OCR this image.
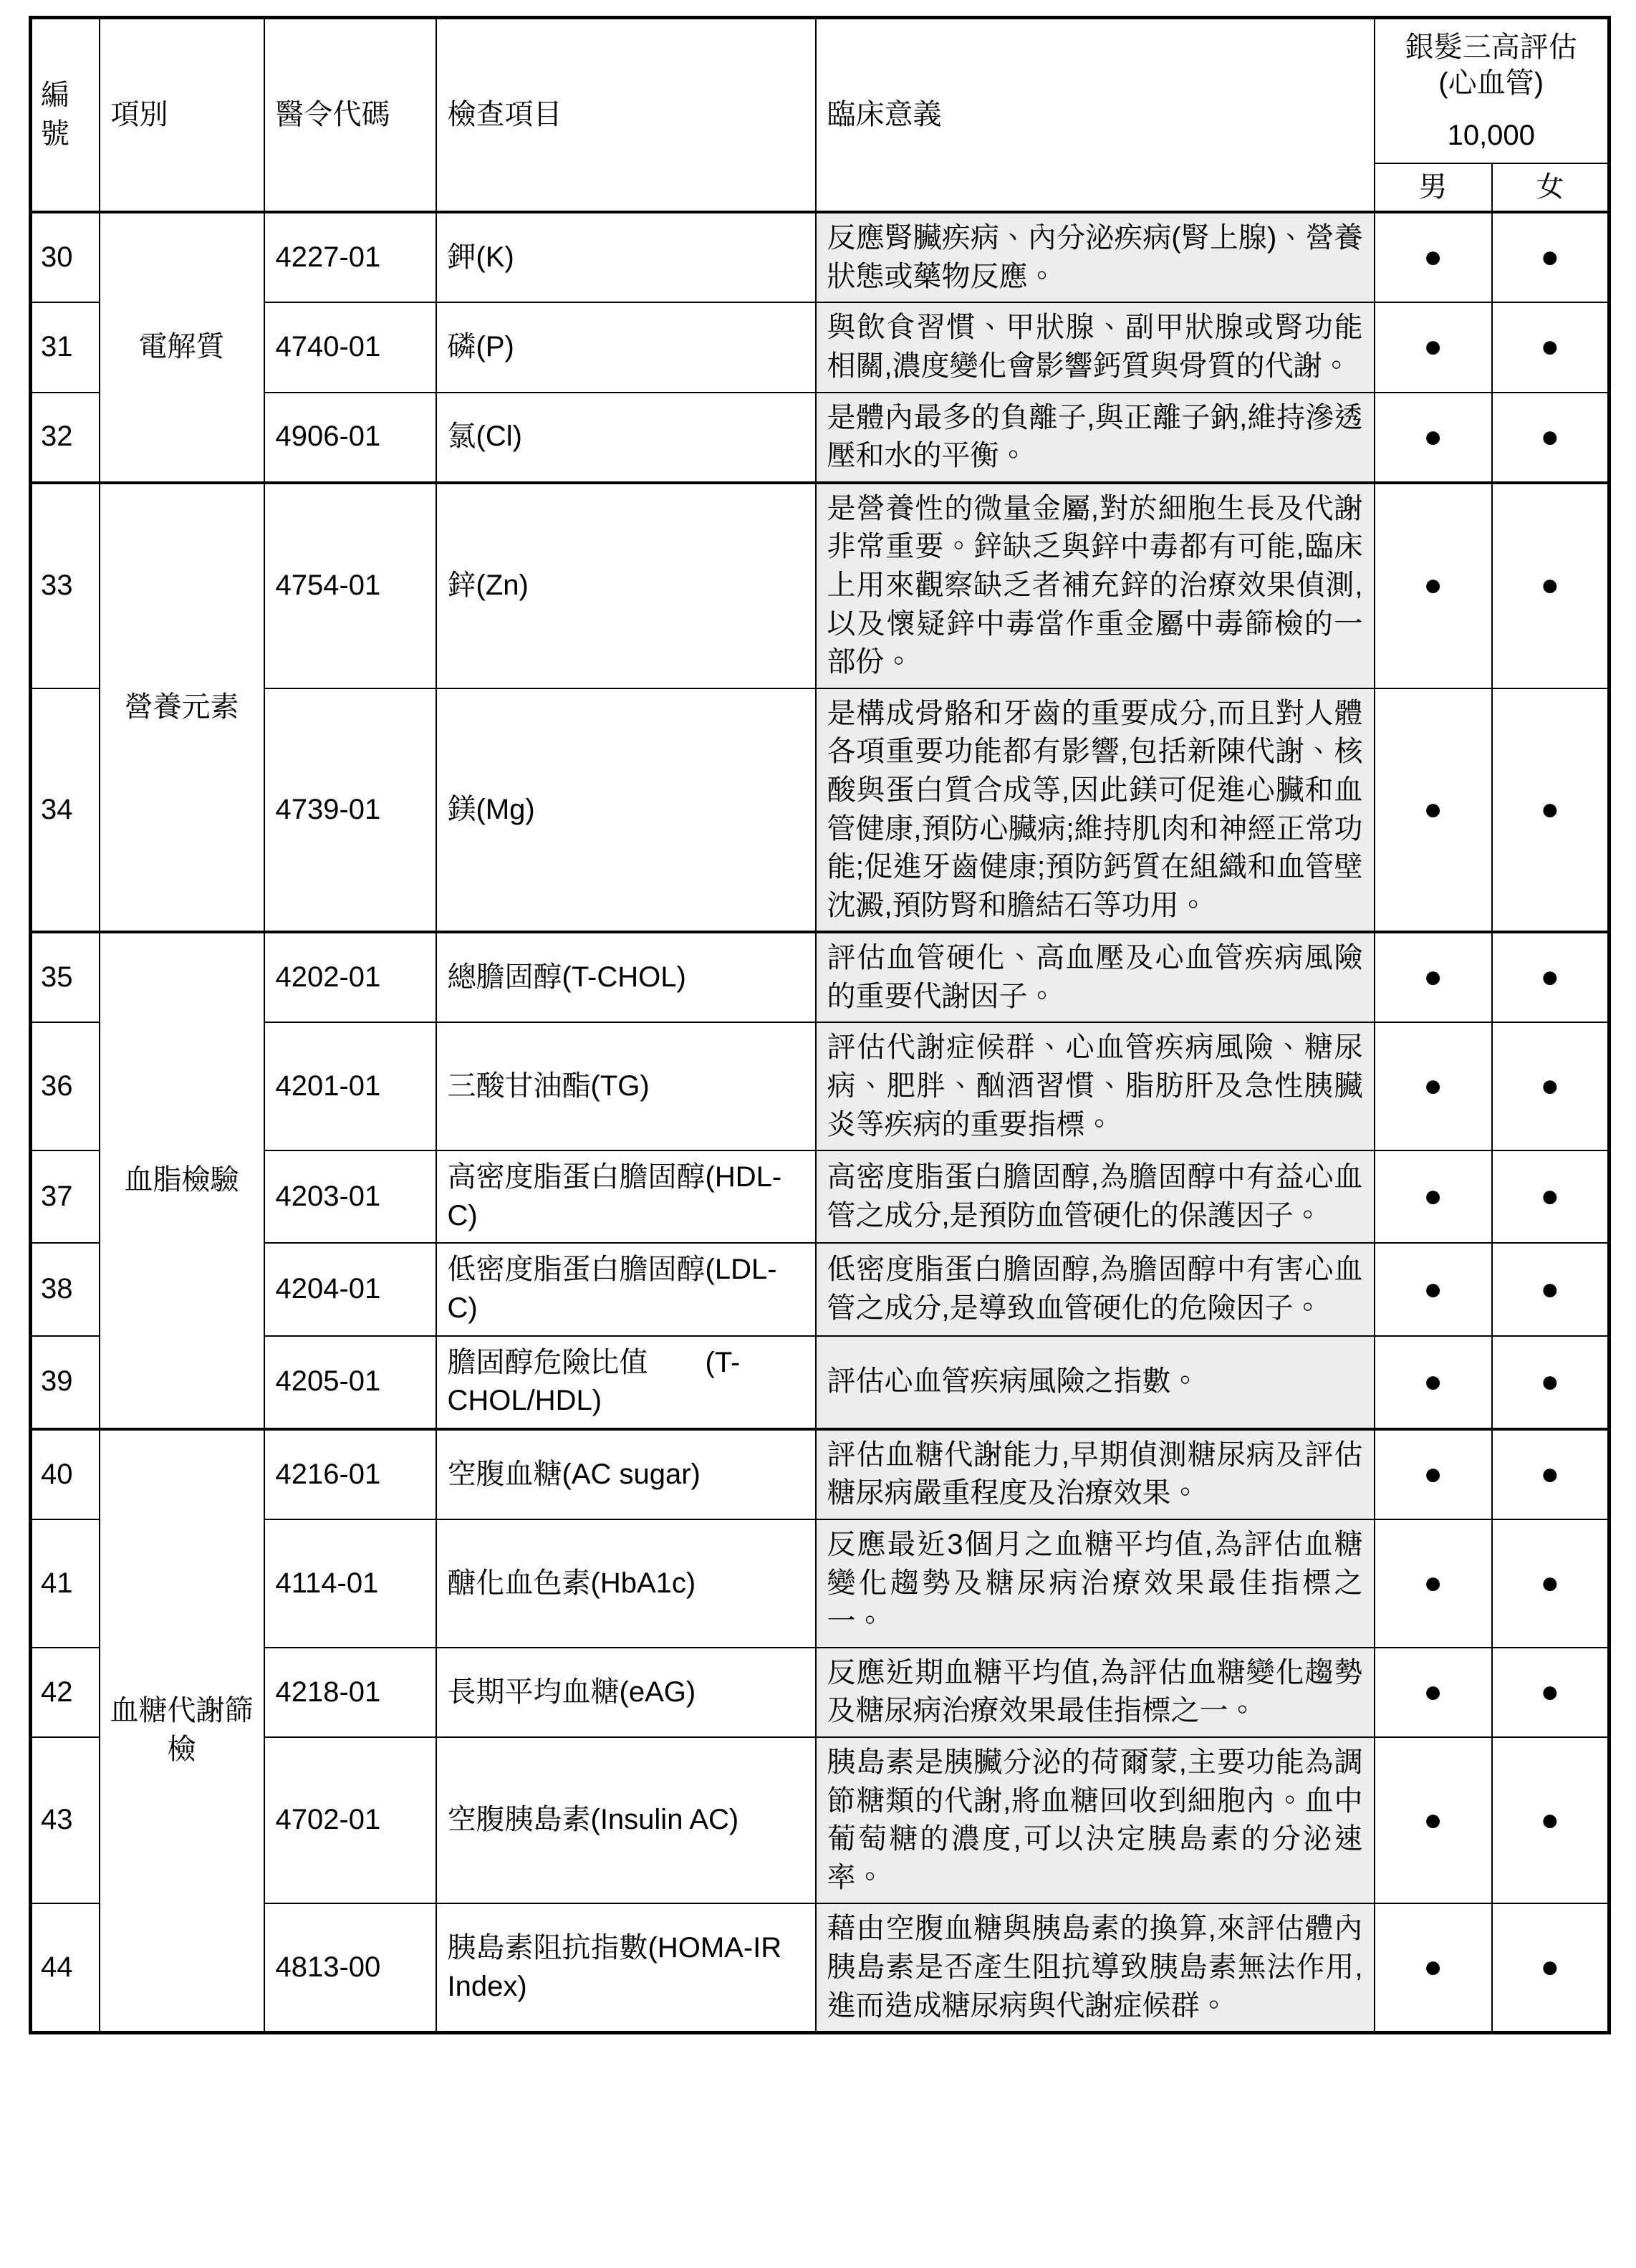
編號	項別	醫令代碼	檢查項目	臨床意義	銀髮三高評估
(心血管)
10,000	

					男	女
30	電解質	4227-01	鉀(K)	反應腎臟疾病、內分泌疾病(腎上腺)、營養狀態或藥物反應。	●	●
31		4740-01	磷(P)	與飲食習慣、甲狀腺、副甲狀腺或腎功能相關,濃度變化會影響鈣質與骨質的代謝。	●	●
32		4906-01	氯(Cl)	是體內最多的負離子,與正離子鈉,維持滲透壓和水的平衡。	●	●
33	營養元素	4754-01	鋅(Zn)	是營養性的微量金屬,對於細胞生長及代謝非常重要。鋅缺乏與鋅中毒都有可能,臨床上用來觀察缺乏者補充鋅的治療效果偵測,以及懷疑鋅中毒當作重金屬中毒篩檢的一部份。	●	●
34		4739-01	鎂(Mg)	是構成骨骼和牙齒的重要成分,而且對人體各項重要功能都有影響,包括新陳代謝、核酸與蛋白質合成等,因此鎂可促進心臟和血管健康,預防心臟病;維持肌肉和神經正常功能;促進牙齒健康;預防鈣質在組織和血管壁沈澱,預防腎和膽結石等功用。	●	●
35	血脂檢驗	4202-01	總膽固醇(T-CHOL)	評估血管硬化、高血壓及心血管疾病風險的重要代謝因子。	●	●
36		4201-01	三酸甘油酯(TG)	評估代謝症候群、心血管疾病風險、糖尿病、肥胖、酗酒習慣、脂肪肝及急性胰臟炎等疾病的重要指標。	●	●
37		4203-01	高密度脂蛋白膽固醇(HDL-C)	高密度脂蛋白膽固醇,為膽固醇中有益心血管之成分,是預防血管硬化的保護因子。	●	●
38		4204-01	低密度脂蛋白膽固醇(LDL-C)	低密度脂蛋白膽固醇,為膽固醇中有害心血管之成分,是導致血管硬化的危險因子。	●	●
39		4205-01	膽固醇危險比值　　(T-CHOL/HDL)	評估心血管疾病風險之指數。	●	●
40	血糖代謝篩檢	4216-01	空腹血糖(AC sugar)	評估血糖代謝能力,早期偵測糖尿病及評估糖尿病嚴重程度及治療效果。	●	●
41		4114-01	醣化血色素(HbA1c)	反應最近3個月之血糖平均值,為評估血糖變化趨勢及糖尿病治療效果最佳指標之一。	●	●
42		4218-01	長期平均血糖(eAG)	反應近期血糖平均值,為評估血糖變化趨勢及糖尿病治療效果最佳指標之一。	●	●
43		4702-01	空腹胰島素(Insulin AC)	胰島素是胰臟分泌的荷爾蒙,主要功能為調節糖類的代謝,將血糖回收到細胞內。血中葡萄糖的濃度,可以決定胰島素的分泌速率。	●	●
44		4813-00	胰島素阻抗指數(HOMA-IR Index)	藉由空腹血糖與胰島素的換算,來評估體內胰島素是否產生阻抗導致胰島素無法作用,進而造成糖尿病與代謝症候群。	●	●
